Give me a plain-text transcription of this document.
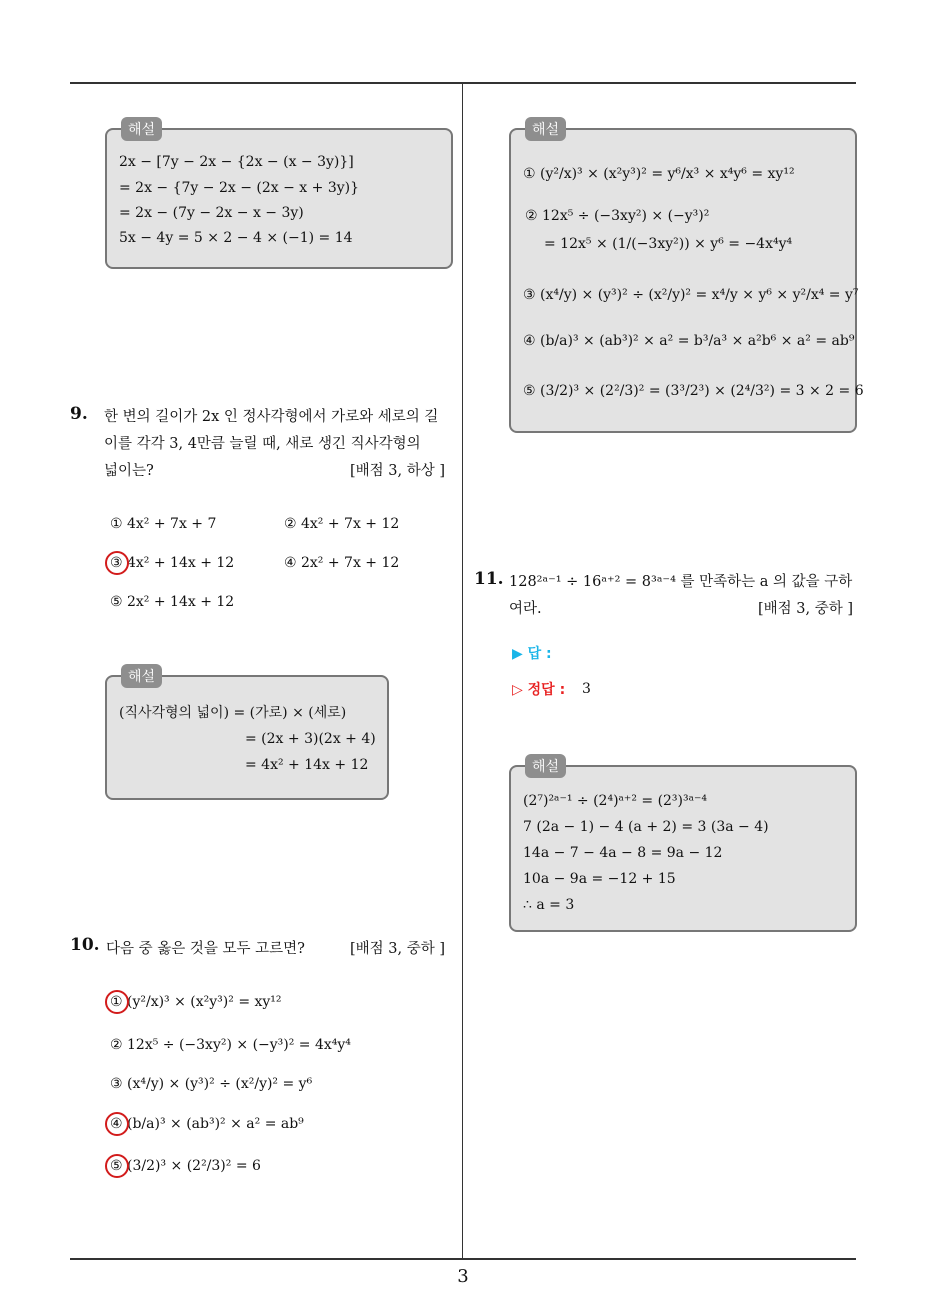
해설
2x − [7y − 2x − {2x − (x − 3y)}]
= 2x − {7y − 2x − (2x − x + 3y)}
= 2x − (7y − 2x − x − 3y)
5x − 4y = 5 × 2 − 4 × (−1) = 14
9. 한 변의 길이가 2x 인 정사각형에서 가로와 세로의 길
이를 각각 3, 4만큼 늘릴 때, 새로 생긴 직사각형의
넓이는?	[배점 3, 하상 ]
① 4x² + 7x + 7	② 4x² + 7x + 12
③ 4x² + 14x + 12	④ 2x² + 7x + 12
⑤ 2x² + 14x + 12
해설
(직사각형의 넓이) = (가로) × (세로)
= (2x + 3)(2x + 4)
= 4x² + 14x + 12
10. 다음 중 옳은 것을 모두 고르면?	[배점 3, 중하 ]
① (y²/x)³ × (x²y³)² = xy¹²
② 12x⁵ ÷ (−3xy²) × (−y³)² = 4x⁴y⁴
③ (x⁴/y) × (y³)² ÷ (x²/y)² = y⁶
④ (b/a)³ × (ab³)² × a² = ab⁹
⑤ (3/2)³ × (2²/3)² = 6
해설
① (y²/x)³ × (x²y³)² = y⁶/x³ × x⁴y⁶ = xy¹²
② 12x⁵ ÷ (−3xy²) × (−y³)²
= 12x⁵ × (1/(−3xy²)) × y⁶ = −4x⁴y⁴
③ (x⁴/y) × (y³)² ÷ (x²/y)² = x⁴/y × y⁶ × y²/x⁴ = y⁷
④ (b/a)³ × (ab³)² × a² = b³/a³ × a²b⁶ × a² = ab⁹
⑤ (3/2)³ × (2²/3)² = (3³/2³) × (2⁴/3²) = 3 × 2 = 6
11. 128²ᵃ⁻¹ ÷ 16ᵃ⁺² = 8³ᵃ⁻⁴ 를 만족하는 a 의 값을 구하
여라.	[배점 3, 중하 ]
▶ 답 :
▷ 정답 : 3
해설
(2⁷)²ᵃ⁻¹ ÷ (2⁴)ᵃ⁺² = (2³)³ᵃ⁻⁴
7 (2a − 1) − 4 (a + 2) = 3 (3a − 4)
14a − 7 − 4a − 8 = 9a − 12
10a − 9a = −12 + 15
∴ a = 3
3
